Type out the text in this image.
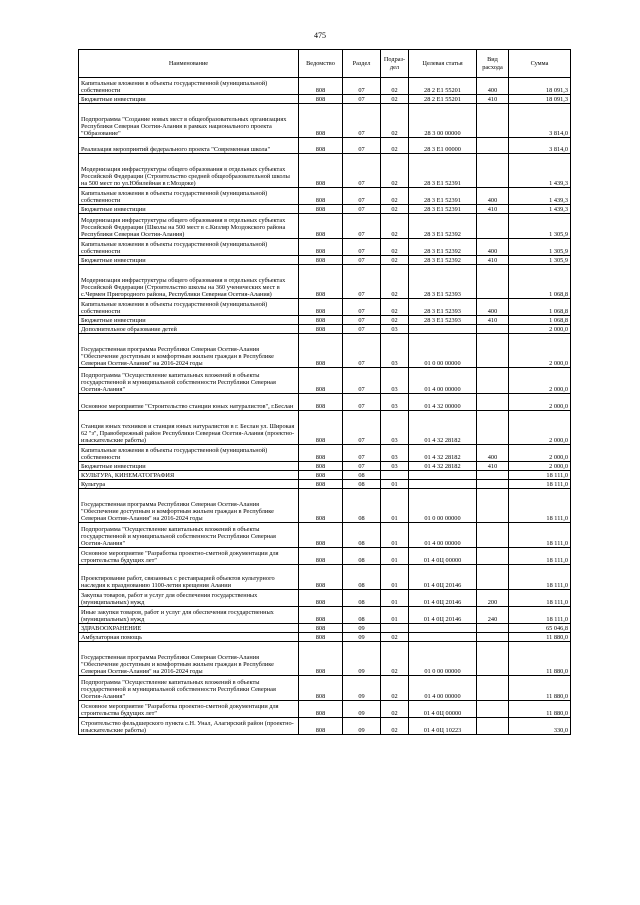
475
Наименование	Ведомство	Раздел	Подраз-дел	Целевая статья	Вид расхода	Сумма
Капитальные вложения в объекты государственной (муниципальной) собственности	808	07	02	28 2 Е1 55201	400	18 091,3
Бюджетные инвестиции	808	07	02	28 2 Е1 55201	410	18 091,3
Подпрограмма "Создание новых мест в общеобразовательных организациях Республики Северная Осетия-Алания в рамках национального проекта "Образование"	808	07	02	28 3 00 00000		3 814,0
Реализация мероприятий федерального проекта "Современная школа"	808	07	02	28 3 Е1 00000		3 814,0
Модернизация инфраструктуры общего образования в отдельных субъектах Российской Федерации (Строительство средней общеобразовательной школы на 500 мест по ул.Юбилейная в г.Моздоке)	808	07	02	28 3 Е1 52391		1 439,3
Капитальные вложения в объекты государственной (муниципальной) собственности	808	07	02	28 3 Е1 52391	400	1 439,3
Бюджетные инвестиции	808	07	02	28 3 Е1 52391	410	1 439,3
Модернизация инфраструктуры общего образования в отдельных субъектах Российской Федерации (Школы на 500 мест в с.Кизляр Моздокского района Республики Северная Осетия-Алания)	808	07	02	28 3 Е1 52392		1 305,9
Капитальные вложения в объекты государственной (муниципальной) собственности	808	07	02	28 3 Е1 52392	400	1 305,9
Бюджетные инвестиции	808	07	02	28 3 Е1 52392	410	1 305,9
Модернизация инфраструктуры общего образования в отдельных субъектах Российской Федерации (Строительство школы на 360 ученических мест в с.Чермен Пригородного района, Республики Северная Осетия-Алания)	808	07	02	28 3 Е1 52393		1 068,8
Капитальные вложения в объекты государственной (муниципальной) собственности	808	07	02	28 3 Е1 52393	400	1 068,8
Бюджетные инвестиции	808	07	02	28 3 Е1 52393	410	1 068,8
Дополнительное образование детей	808	07	03			2 000,0
Государственная программа Республики Северная Осетия-Алания "Обеспечение доступным и комфортным жильем граждан в Республике Северная Осетия-Алания" на 2016-2024 годы	808	07	03	01 0 00 00000		2 000,0
Подпрограмма "Осуществление капитальных вложений в объекты государственной и муниципальной собственности Республики Северная Осетия-Алания"	808	07	03	01 4 00 00000		2 000,0
Основное мероприятие "Строительство станции юных натуралистов", г.Беслан	808	07	03	01 4 32 00000		2 000,0
Станция юных техников и станция юных натуралистов в г. Беслан ул. Широкая 62 "з", Правобережный район Республики Северная Осетия-Алания (проектно-изыскательские работы)	808	07	03	01 4 32 28182		2 000,0
Капитальные вложения в объекты государственной (муниципальной) собственности	808	07	03	01 4 32 28182	400	2 000,0
Бюджетные инвестиции	808	07	03	01 4 32 28182	410	2 000,0
КУЛЬТУРА, КИНЕМАТОГРАФИЯ	808	08				18 111,0
Культура	808	08	01			18 111,0
Государственная программа Республики Северная Осетия-Алания "Обеспечение доступным и комфортным жильем граждан в Республике Северная Осетия-Алания" на 2016-2024 годы	808	08	01	01 0 00 00000		18 111,0
Подпрограмма "Осуществление капитальных вложений в объекты государственной и муниципальной собственности Республики Северная Осетия-Алания"	808	08	01	01 4 00 00000		18 111,0
Основное мероприятие "Разработка проектно-сметной документации для строительства будущих лет"	808	08	01	01 4 0Ц 00000		18 111,0
Проектирование работ, связанных с реставрацией объектов культурного наследия к празднованию 1100-летия крещения Алании	808	08	01	01 4 0Ц 20146		18 111,0
Закупка товаров, работ и услуг для обеспечения государственных (муниципальных) нужд	808	08	01	01 4 0Ц 20146	200	18 111,0
Иные закупки товаров, работ и услуг для обеспечения государственных (муниципальных) нужд	808	08	01	01 4 0Ц 20146	240	18 111,0
ЗДРАВООХРАНЕНИЕ	808	09				65 046,8
Амбулаторная помощь	808	09	02			11 880,0
Государственная программа Республики Северная Осетия-Алания "Обеспечение доступным и комфортным жильем граждан в Республике Северная Осетия-Алания" на 2016-2024 годы	808	09	02	01 0 00 00000		11 880,0
Подпрограмма "Осуществление капитальных вложений в объекты государственной и муниципальной собственности Республики Северная Осетия-Алания"	808	09	02	01 4 00 00000		11 880,0
Основное мероприятие "Разработка проектно-сметной документации для строительства будущих лет"	808	09	02	01 4 0Ц 00000		11 880,0
Строительство фельдшерского пункта с.Н. Унал, Алагирский район (проектно-изыскательские работы)	808	09	02	01 4 0Ц 10223		330,0
